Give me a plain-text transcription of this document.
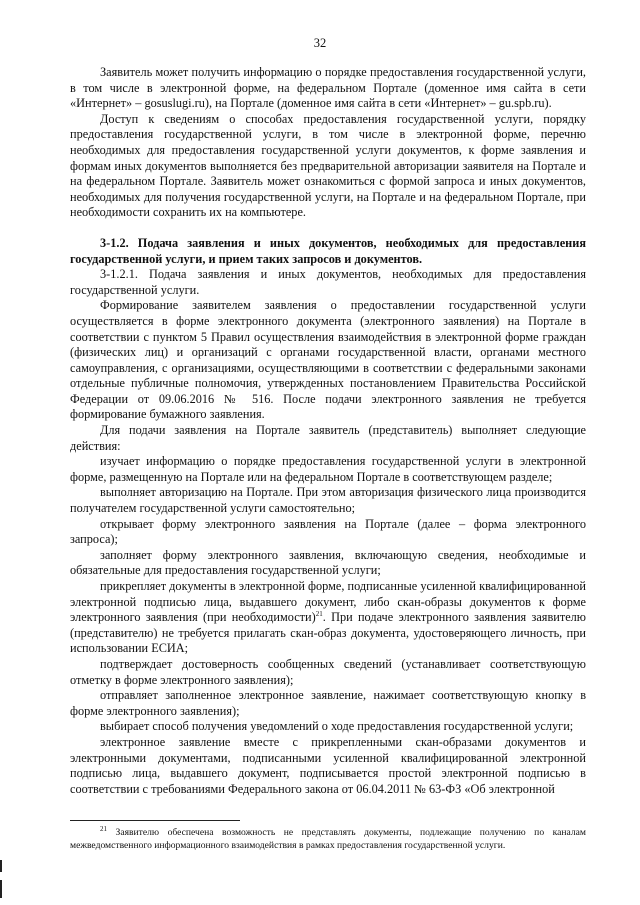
32

Заявитель может получить информацию о порядке предоставления государственной услуги, в том числе в электронной форме, на федеральном Портале (доменное имя сайта в сети «Интернет» – gosuslugi.ru), на Портале (доменное имя сайта в сети «Интернет» – gu.spb.ru).

Доступ к сведениям о способах предоставления государственной услуги, порядку предоставления государственной услуги, в том числе в электронной форме, перечню необходимых для предоставления государственной услуги документов, к форме заявления и формам иных документов выполняется без предварительной авторизации заявителя на Портале и на федеральном Портале. Заявитель может ознакомиться с формой запроса и иных документов, необходимых для получения государственной услуги, на Портале и на федеральном Портале, при необходимости сохранить их на компьютере.

3-1.2. Подача заявления и иных документов, необходимых для предоставления государственной услуги, и прием таких запросов и документов.

3-1.2.1. Подача заявления и иных документов, необходимых для предоставления государственной услуги.

Формирование заявителем заявления о предоставлении государственной услуги осуществляется в форме электронного документа (электронного заявления) на Портале в соответствии с пунктом 5 Правил осуществления взаимодействия в электронной форме граждан (физических лиц) и организаций с органами государственной власти, органами местного самоуправления, с организациями, осуществляющими в соответствии с федеральными законами отдельные публичные полномочия, утвержденных постановлением Правительства Российской Федерации от 09.06.2016 № 516. После подачи электронного заявления не требуется формирование бумажного заявления.

Для подачи заявления на Портале заявитель (представитель) выполняет следующие действия:

изучает информацию о порядке предоставления государственной услуги в электронной форме, размещенную на Портале или на федеральном Портале в соответствующем разделе;

выполняет авторизацию на Портале. При этом авторизация физического лица производится получателем государственной услуги самостоятельно;

открывает форму электронного заявления на Портале (далее – форма электронного запроса);

заполняет форму электронного заявления, включающую сведения, необходимые и обязательные для предоставления государственной услуги;

прикрепляет документы в электронной форме, подписанные усиленной квалифицированной электронной подписью лица, выдавшего документ, либо скан-образы документов к форме электронного заявления (при необходимости)$^{21}$. При подаче электронного заявления заявителю (представителю) не требуется прилагать скан-образ документа, удостоверяющего личность, при использовании ЕСИА;

подтверждает достоверность сообщенных сведений (устанавливает соответствующую отметку в форме электронного заявления);

отправляет заполненное электронное заявление, нажимает соответствующую кнопку в форме электронного заявления);

выбирает способ получения уведомлений о ходе предоставления государственной услуги;

электронное заявление вместе с прикрепленными скан-образами документов и электронными документами, подписанными усиленной квалифицированной электронной подписью лица, выдавшего документ, подписывается простой электронной подписью в соответствии с требованиями Федерального закона от 06.04.2011 № 63-ФЗ «Об электронной

$^{21}$ Заявителю обеспечена возможность не представлять документы, подлежащие получению по каналам межведомственного информационного взаимодействия в рамках предоставления государственной услуги.
